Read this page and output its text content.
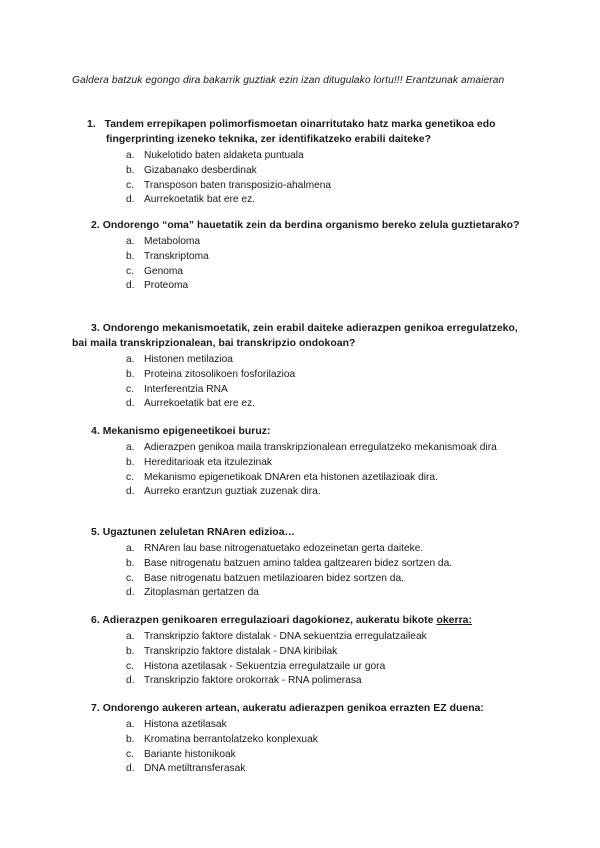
Galdera batzuk egongo dira bakarrik guztiak ezin izan ditugulako lortu!!! Erantzunak amaieran
1. Tandem errepikapen polimorfismoetan oinarritutako hatz marka genetikoa edo
fingerprinting izeneko teknika, zer identifikatzeko erabili daiteke?
a. Nukelotido baten aldaketa puntuala
b. Gizabanako desberdinak
c. Transposon baten transposizio-ahalmena
d. Aurrekoetatik bat ere ez.
2. Ondorengo “oma” hauetatik zein da berdina organismo bereko zelula guztietarako?
a. Metaboloma
b. Transkriptoma
c. Genoma
d. Proteoma
3. Ondorengo mekanismoetatik, zein erabil daiteke adierazpen genikoa erregulatzeko, bai maila transkripzionalean, bai transkripzio ondokoan?
a. Histonen metilazioa
b. Proteina zitosolikoen fosforilazioa
c. Interferentzia RNA
d. Aurrekoetatik bat ere ez.
4. Mekanismo epigeneetikoei buruz:
a. Adierazpen genikoa maila transkripzionalean erregulatzeko mekanismoak dira
b. Hereditarioak eta itzulezinak
c. Mekanismo epigenetikoak DNAren eta histonen azetilazioak dira.
d. Aurreko erantzun guztiak zuzenak dira.
5. Ugaztunen zeluletan RNAren edizioa…
a. RNAren lau base nitrogenatuetako edozeinetan gerta daiteke.
b. Base nitrogenatu batzuen amino taldea galtzearen bidez sortzen da.
c. Base nitrogenatu batzuen metilazioaren bidez sortzen da.
d. Zitoplasman gertatzen da
6. Adierazpen genikoaren erregulazioari dagokionez, aukeratu bikote okerra:
a. Transkripzio faktore distalak - DNA sekuentzia erregulatzaileak
b. Transkripzio faktore distalak - DNA kiribilak
c. Histona azetilasak - Sekuentzia erregulatzaile ur gora
d. Transkripzio faktore orokorrak - RNA polimerasa
7. Ondorengo aukeren artean, aukeratu adierazpen genikoa errazten EZ duena:
a. Histona azetilasak
b. Kromatina berrantolatzeko konplexuak
c. Bariante histonikoak
d. DNA metiltransferasak
